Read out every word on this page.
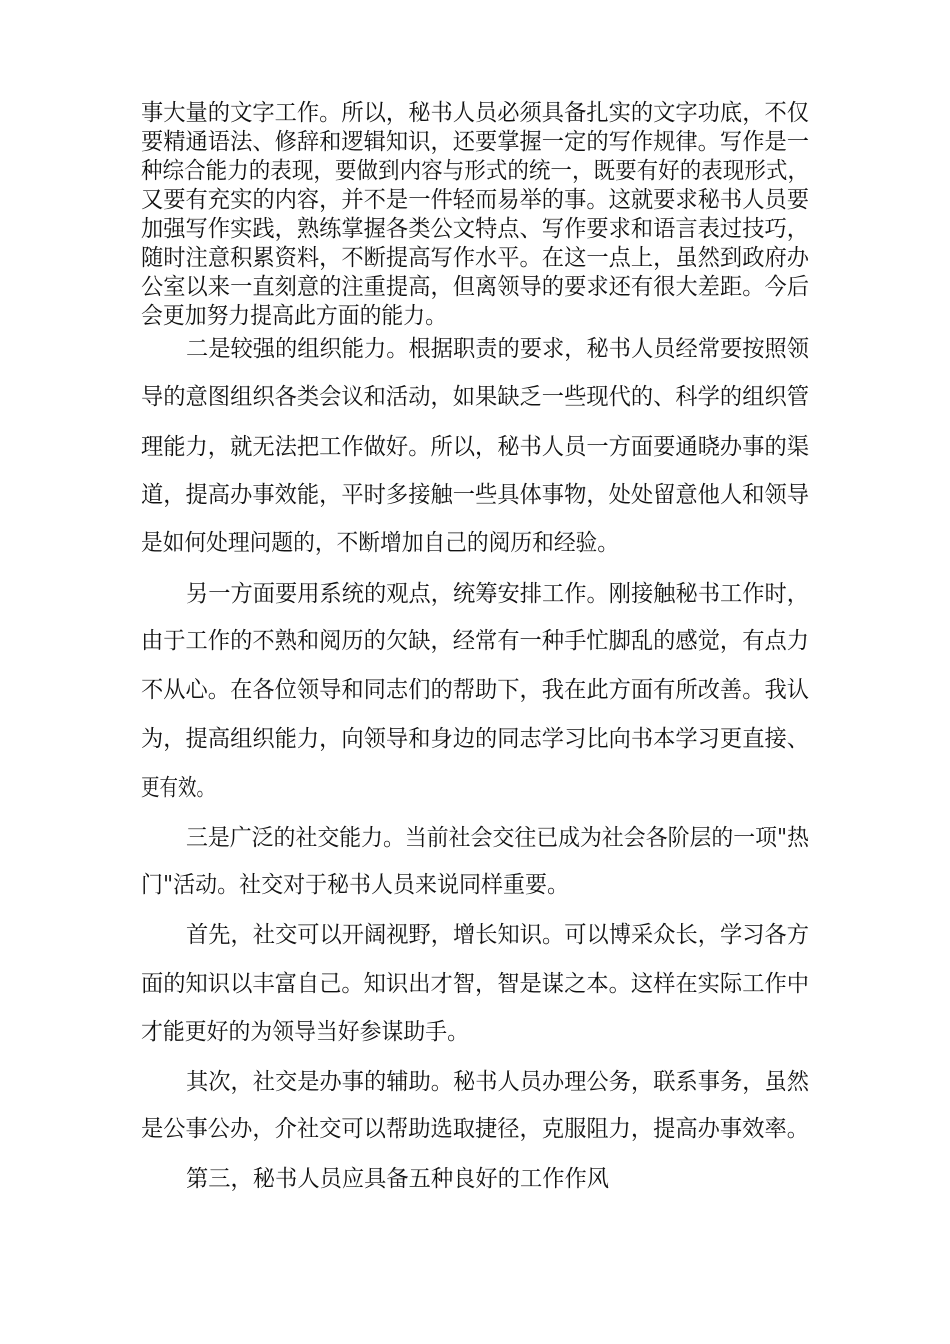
事大量的文字工作。所以，秘书人员必须具备扎实的文字功底，不仅
要精通语法、修辞和逻辑知识，还要掌握一定的写作规律。写作是一
种综合能力的表现，要做到内容与形式的统一，既要有好的表现形式，
又要有充实的内容，并不是一件轻而易举的事。这就要求秘书人员要
加强写作实践，熟练掌握各类公文特点、写作要求和语言表过技巧，
随时注意积累资料，不断提高写作水平。在这一点上，虽然到政府办
公室以来一直刻意的注重提高，但离领导的要求还有很大差距。今后
会更加努力提高此方面的能力。
二是较强的组织能力。根据职责的要求，秘书人员经常要按照领
导的意图组织各类会议和活动，如果缺乏一些现代的、科学的组织管
理能力，就无法把工作做好。所以，秘书人员一方面要通晓办事的渠
道，提高办事效能，平时多接触一些具体事物，处处留意他人和领导
是如何处理问题的，不断增加自己的阅历和经验。
另一方面要用系统的观点，统筹安排工作。刚接触秘书工作时，
由于工作的不熟和阅历的欠缺，经常有一种手忙脚乱的感觉，有点力
不从心。在各位领导和同志们的帮助下，我在此方面有所改善。我认
为，提高组织能力，向领导和身边的同志学习比向书本学习更直接、
更有效。
三是广泛的社交能力。当前社会交往已成为社会各阶层的一项"热
门"活动。社交对于秘书人员来说同样重要。
首先，社交可以开阔视野，增长知识。可以博采众长，学习各方
面的知识以丰富自己。知识出才智，智是谋之本。这样在实际工作中
才能更好的为领导当好参谋助手。
其次，社交是办事的辅助。秘书人员办理公务，联系事务，虽然
是公事公办，介社交可以帮助选取捷径，克服阻力，提高办事效率。
第三，秘书人员应具备五种良好的工作作风
